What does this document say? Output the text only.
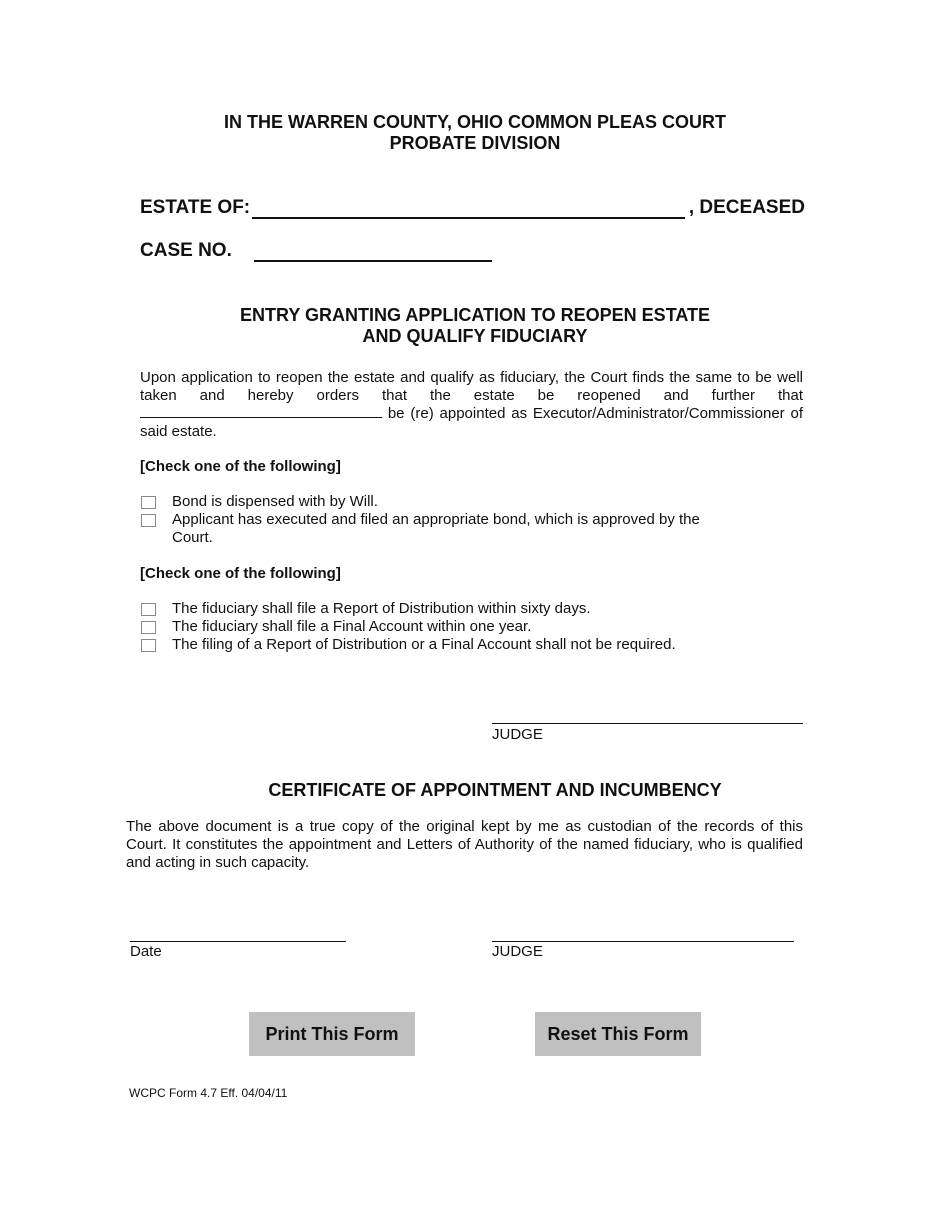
IN THE WARREN COUNTY, OHIO COMMON PLEAS COURT
PROBATE DIVISION
ESTATE OF:	, DECEASED
CASE NO.
ENTRY GRANTING APPLICATION TO REOPEN ESTATE
AND QUALIFY FIDUCIARY
Upon application to reopen the estate and qualify as fiduciary, the Court finds the same to be well taken and hereby orders that the estate be reopened and further that  be (re) appointed as Executor/Administrator/Commissioner of said estate.
[Check one of the following]
Bond is dispensed with by Will.
Applicant has executed and filed an appropriate bond, which is approved by the Court.
[Check one of the following]
The fiduciary shall file a Report of Distribution within sixty days.
The fiduciary shall file a Final Account within one year.
The filing of a Report of Distribution or a Final Account shall not be required.
JUDGE
CERTIFICATE OF APPOINTMENT AND INCUMBENCY
The above document is a true copy of the original kept by me as custodian of the records of this Court. It constitutes the appointment and Letters of Authority of the named fiduciary, who is qualified and acting in such capacity.
Date	JUDGE
Print This Form	Reset This Form
WCPC Form 4.7 Eff. 04/04/11
